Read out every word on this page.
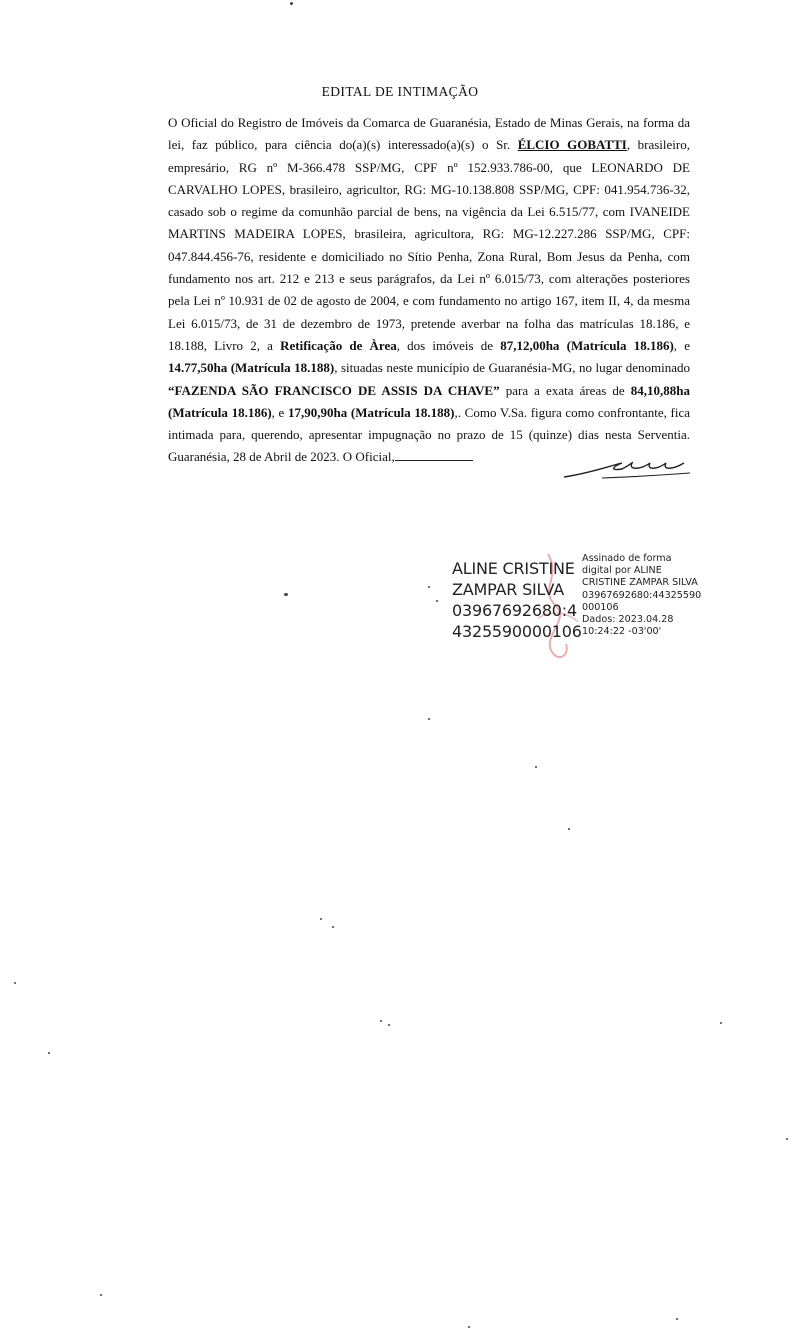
EDITAL DE INTIMAÇÃO
O Oficial do Registro de Imóveis da Comarca de Guaranésia, Estado de Minas Gerais, na forma da lei, faz público, para ciência do(a)(s) interessado(a)(s) o Sr. ÉLCIO GOBATTI, brasileiro, empresário, RG nº M-366.478 SSP/MG, CPF nº 152.933.786-00, que LEONARDO DE CARVALHO LOPES, brasileiro, agricultor, RG: MG-10.138.808 SSP/MG, CPF: 041.954.736-32, casado sob o regime da comunhão parcial de bens, na vigência da Lei 6.515/77, com IVANEIDE MARTINS MADEIRA LOPES, brasileira, agricultora, RG: MG-12.227.286 SSP/MG, CPF: 047.844.456-76, residente e domiciliado no Sítio Penha, Zona Rural, Bom Jesus da Penha, com fundamento nos art. 212 e 213 e seus parágrafos, da Lei nº 6.015/73, com alterações posteriores pela Lei nº 10.931 de 02 de agosto de 2004, e com fundamento no artigo 167, item II, 4, da mesma Lei 6.015/73, de 31 de dezembro de 1973, pretende averbar na folha das matrículas 18.186, e 18.188, Livro 2, a Retificação de Àrea, dos imóveis de 87,12,00ha (Matrícula 18.186), e 14.77,50ha (Matrícula 18.188), situadas neste município de Guaranésia-MG, no lugar denominado “FAZENDA SÃO FRANCISCO DE ASSIS DA CHAVE” para a exata áreas de 84,10,88ha (Matrícula 18.186), e 17,90,90ha (Matrícula 18.188),. Como V.Sa. figura como confrontante, fica intimada para, querendo, apresentar impugnação no prazo de 15 (quinze) dias nesta Serventia. Guaranésia, 28 de Abril de 2023. O Oficial,
ALINE CRISTINE
ZAMPAR SILVA
03967692680:4
4325590000106
Assinado de forma
digital por ALINE
CRISTINE ZAMPAR SILVA
03967692680:44325590
000106
Dados: 2023.04.28
10:24:22 -03'00'
